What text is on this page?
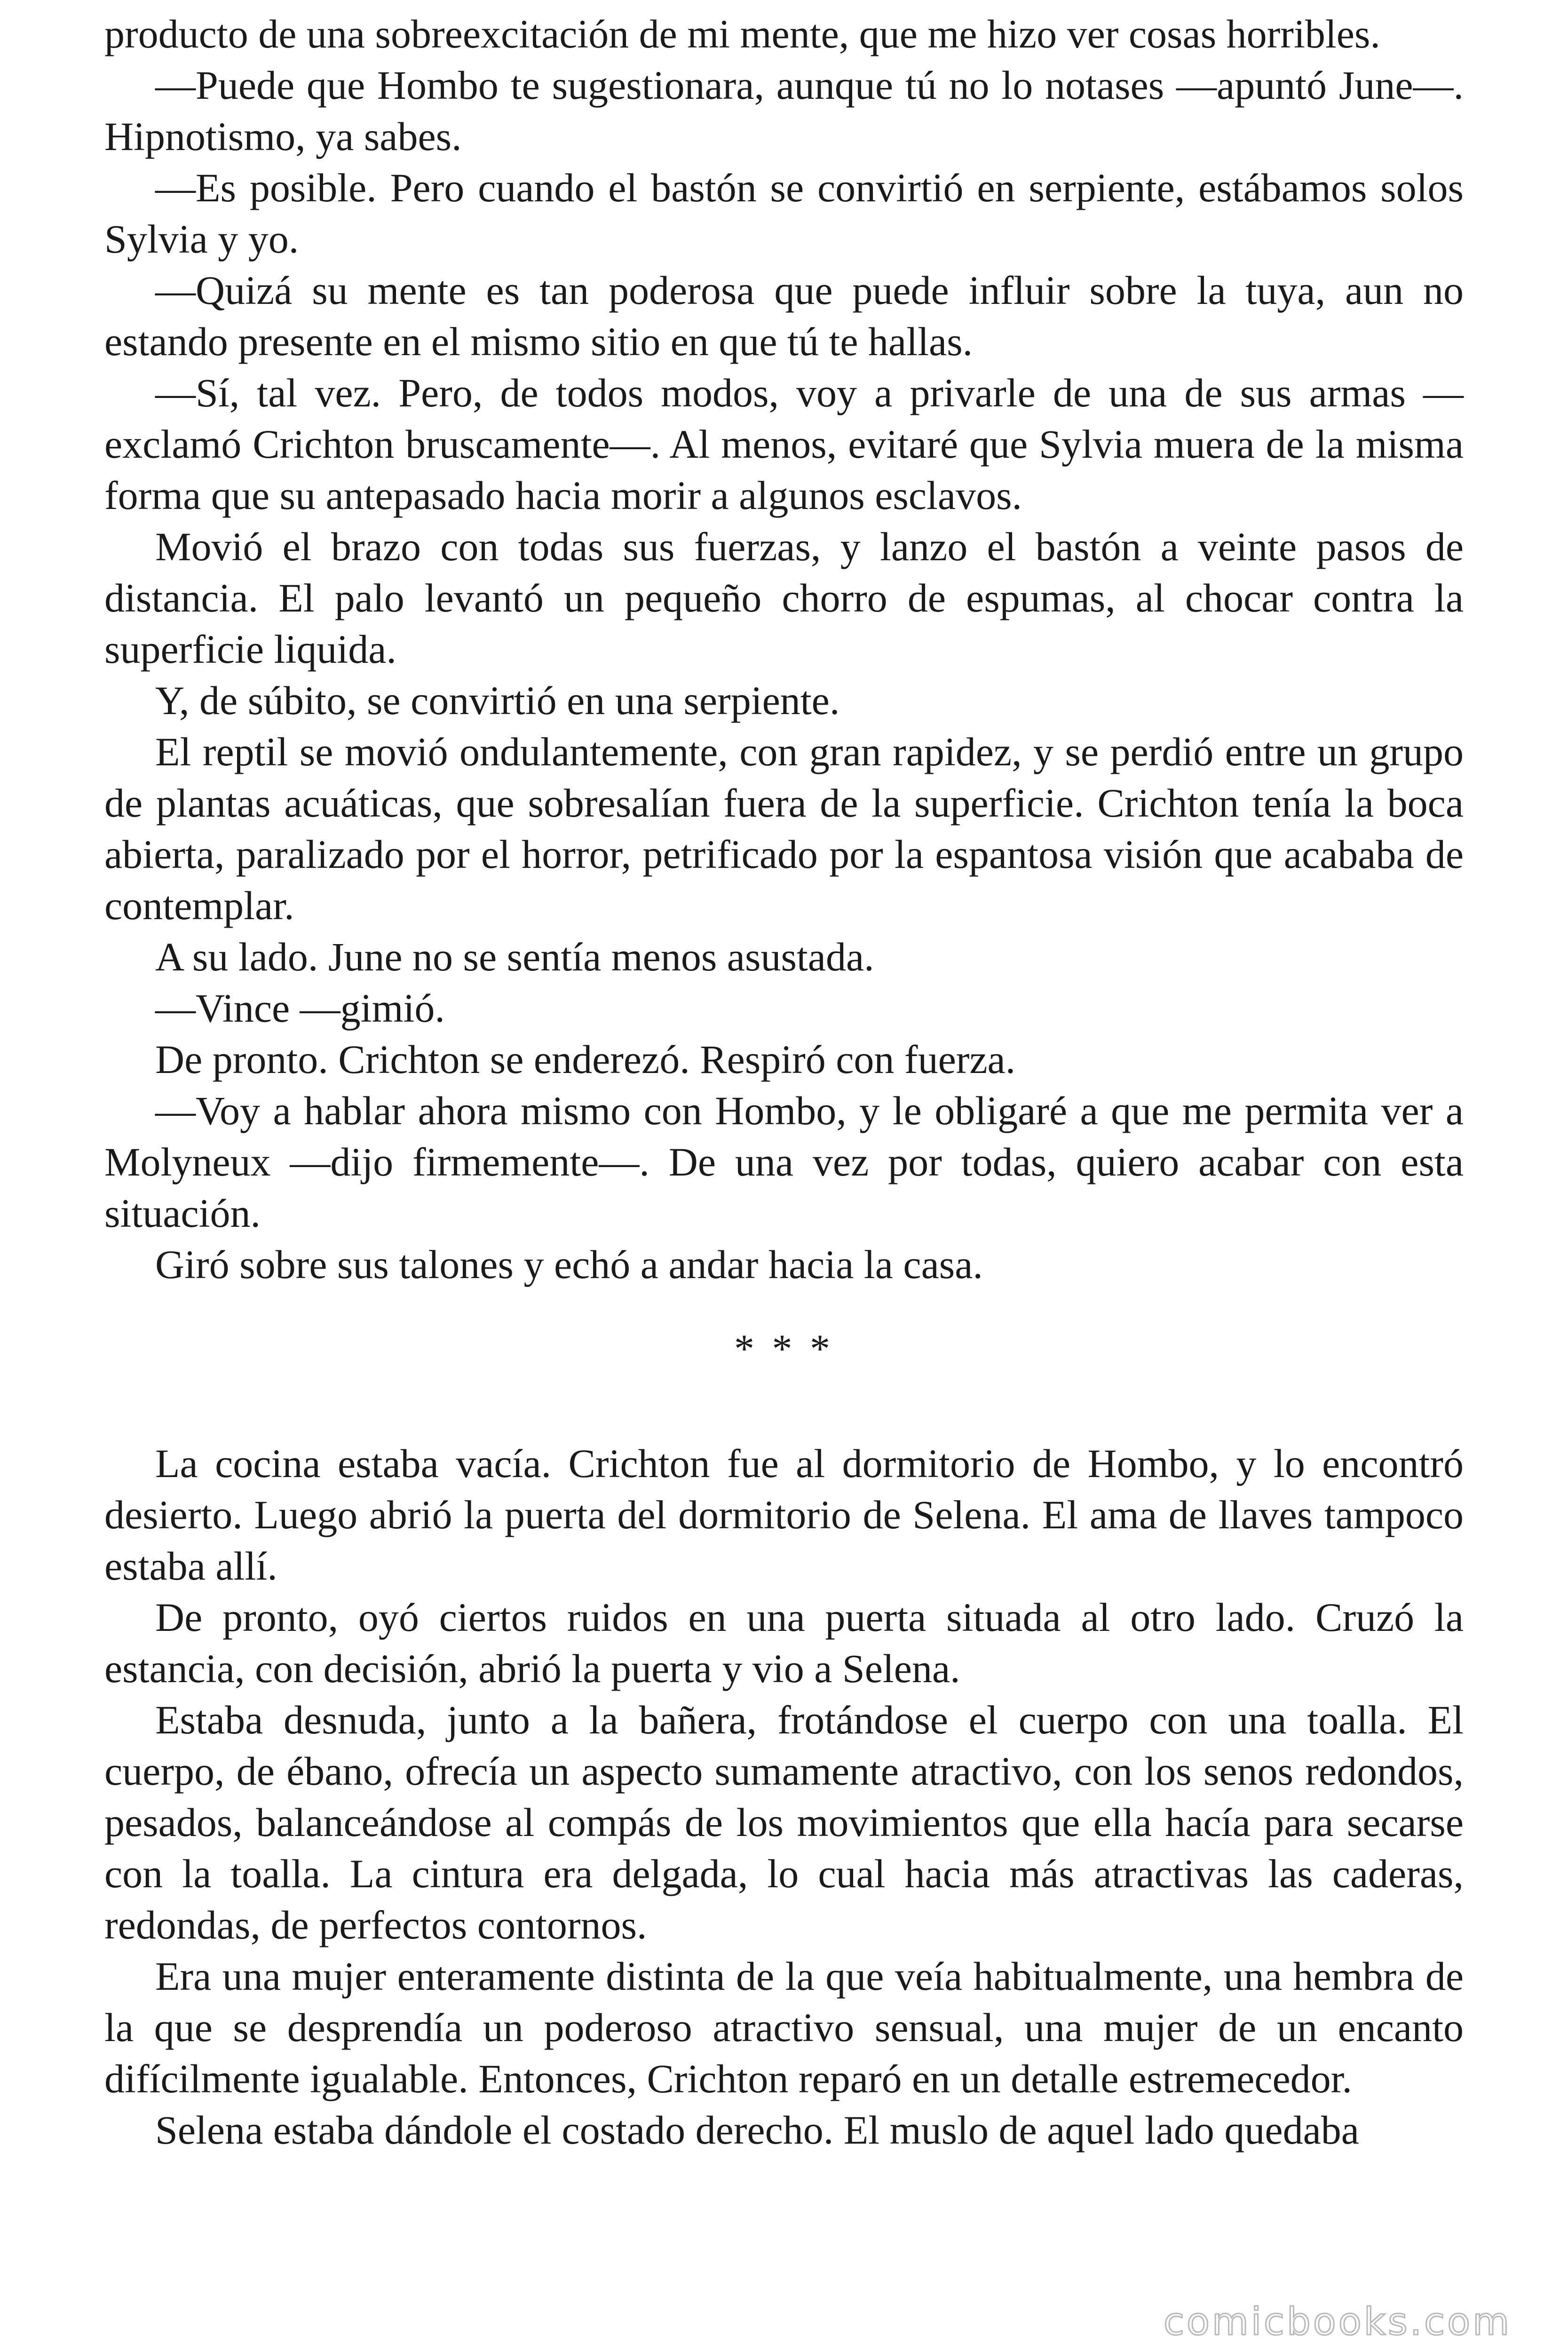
producto de una sobreexcitación de mi mente, que me hizo ver cosas horribles.

—Puede que Hombo te sugestionara, aunque tú no lo notases —apuntó June—. Hipnotismo, ya sabes.

—Es posible. Pero cuando el bastón se convirtió en serpiente, estábamos solos Sylvia y yo.

—Quizá su mente es tan poderosa que puede influir sobre la tuya, aun no estando presente en el mismo sitio en que tú te hallas.

—Sí, tal vez. Pero, de todos modos, voy a privarle de una de sus armas —exclamó Crichton bruscamente—. Al menos, evitaré que Sylvia muera de la misma forma que su antepasado hacia morir a algunos esclavos.

Movió el brazo con todas sus fuerzas, y lanzo el bastón a veinte pasos de distancia. El palo levantó un pequeño chorro de espumas, al chocar contra la superficie liquida.

Y, de súbito, se convirtió en una serpiente.

El reptil se movió ondulantemente, con gran rapidez, y se perdió entre un grupo de plantas acuáticas, que sobresalían fuera de la superficie. Crichton tenía la boca abierta, paralizado por el horror, petrificado por la espantosa visión que acababa de contemplar.

A su lado. June no se sentía menos asustada.

—Vince —gimió.

De pronto. Crichton se enderezó. Respiró con fuerza.

—Voy a hablar ahora mismo con Hombo, y le obligaré a que me permita ver a Molyneux —dijo firmemente—. De una vez por todas, quiero acabar con esta situación.

Giró sobre sus talones y echó a andar hacia la casa.

* * *

La cocina estaba vacía. Crichton fue al dormitorio de Hombo, y lo encontró desierto. Luego abrió la puerta del dormitorio de Selena. El ama de llaves tampoco estaba allí.

De pronto, oyó ciertos ruidos en una puerta situada al otro lado. Cruzó la estancia, con decisión, abrió la puerta y vio a Selena.

Estaba desnuda, junto a la bañera, frotándose el cuerpo con una toalla. El cuerpo, de ébano, ofrecía un aspecto sumamente atractivo, con los senos redondos, pesados, balanceándose al compás de los movimientos que ella hacía para secarse con la toalla. La cintura era delgada, lo cual hacia más atractivas las caderas, redondas, de perfectos contornos.

Era una mujer enteramente distinta de la que veía habitualmente, una hembra de la que se desprendía un poderoso atractivo sensual, una mujer de un encanto difícilmente igualable. Entonces, Crichton reparó en un detalle estremecedor.

Selena estaba dándole el costado derecho. El muslo de aquel lado quedaba

comicbooks.com
